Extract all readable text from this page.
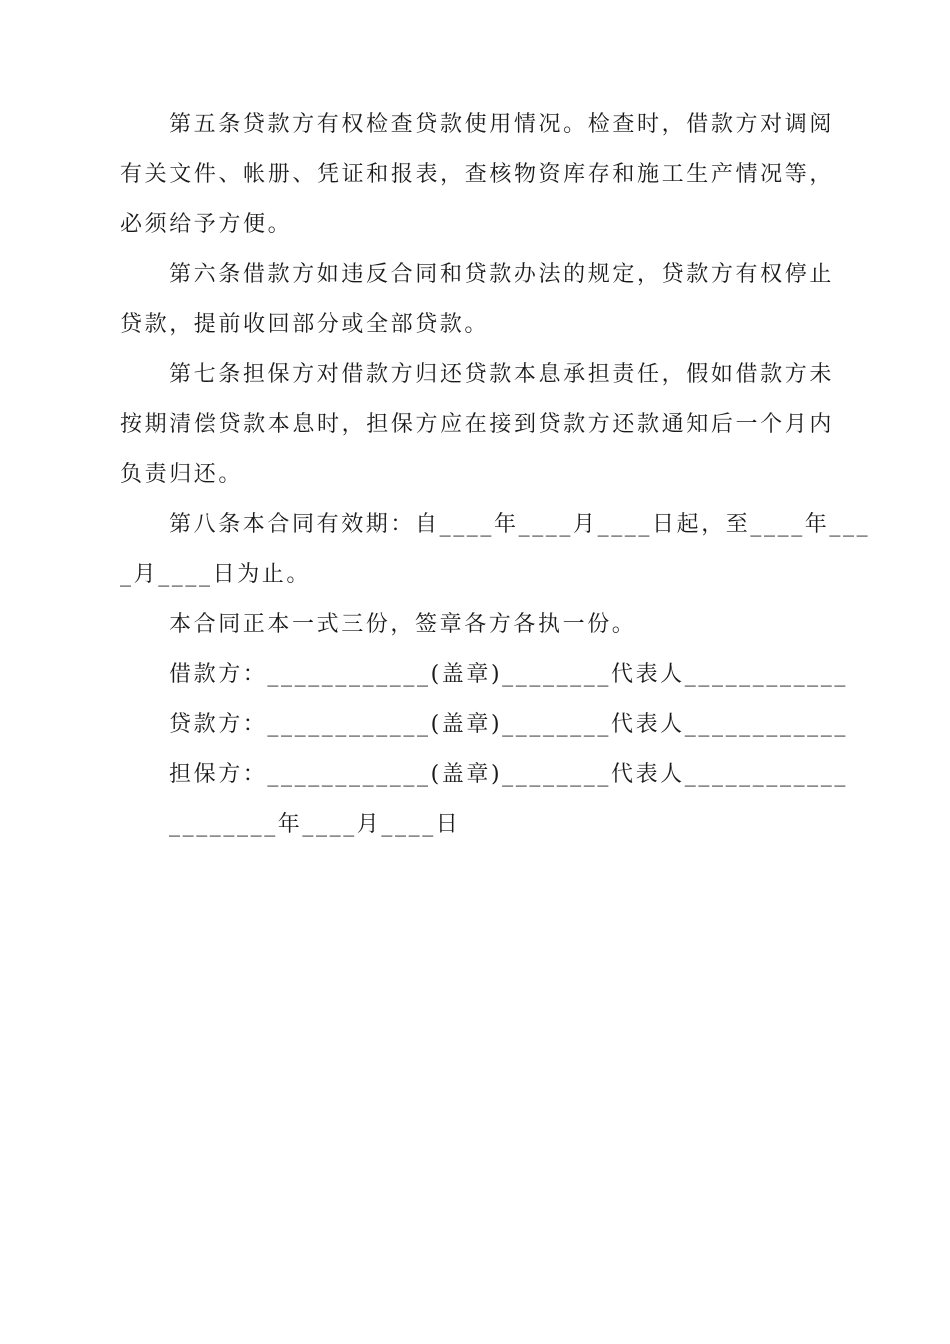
第五条贷款方有权检查贷款使用情况。检查时，借款方对调阅有关文件、帐册、凭证和报表，查核物资库存和施工生产情况等，必须给予方便。

第六条借款方如违反合同和贷款办法的规定，贷款方有权停止贷款，提前收回部分或全部贷款。

第七条担保方对借款方归还贷款本息承担责任，假如借款方未按期清偿贷款本息时，担保方应在接到贷款方还款通知后一个月内负责归还。

第八条本合同有效期：自____年____月____日起，至____年___

_月____日为止。

本合同正本一式三份，签章各方各执一份。

借款方：____________(盖章)________代表人____________

贷款方：____________(盖章)________代表人____________

担保方：____________(盖章)________代表人____________

________年____月____日
